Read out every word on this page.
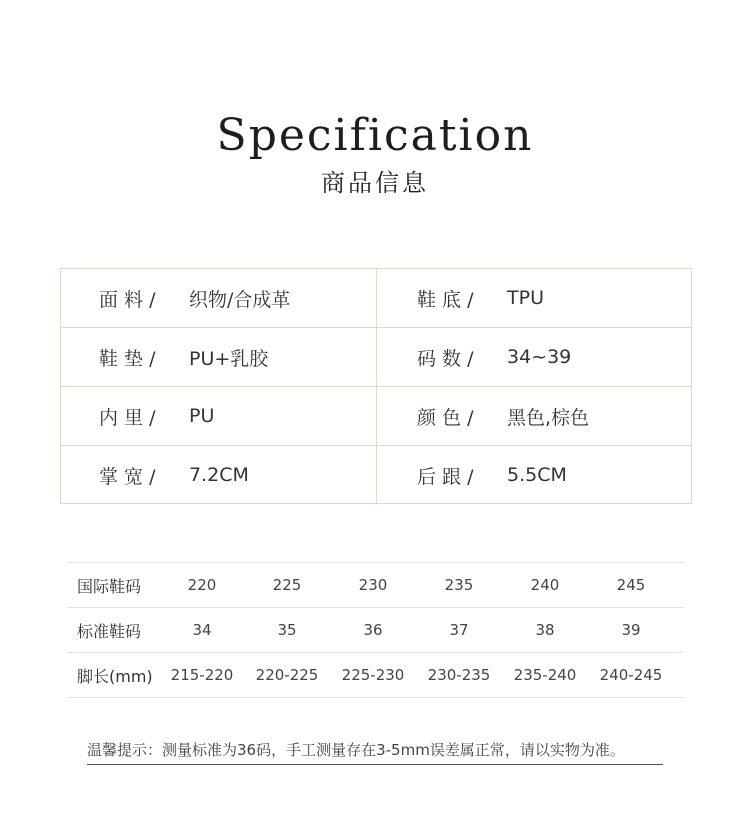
Specification
商品信息
面 料 /	织物/合成革	鞋 底 /	TPU
鞋 垫 /	PU+乳胶	码 数 /	34~39
内 里 /	PU	颜 色 /	黑色,棕色
掌 宽 /	7.2CM	后 跟 /	5.5CM
国际鞋码	220	225	230	235	240	245
标准鞋码	34	35	36	37	38	39
脚长(mm)	215-220 220-225 225-230 230-235 235-240 240-245
温馨提示：测量标准为36码，手工测量存在3-5mm误差属正常，请以实物为准。
